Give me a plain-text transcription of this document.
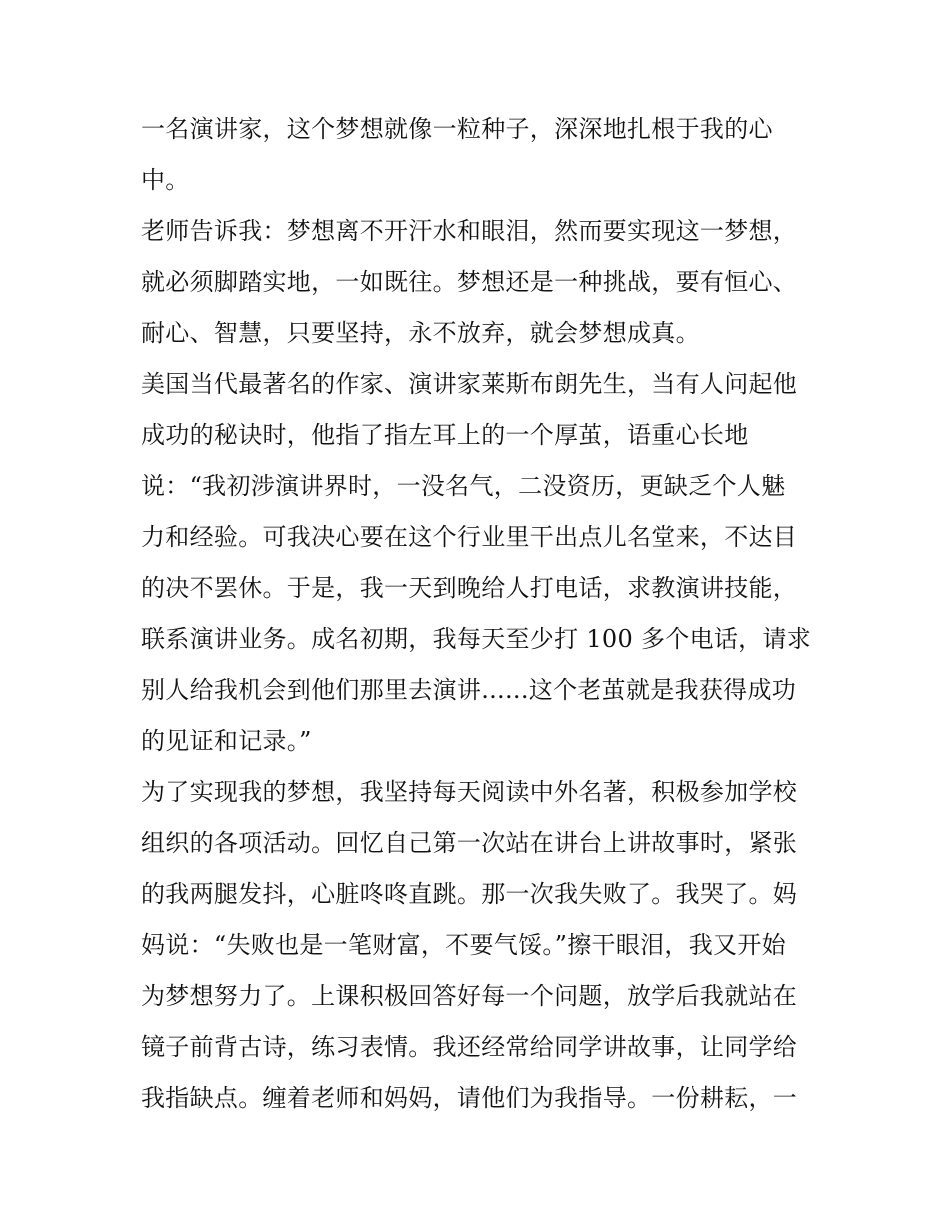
一名演讲家，这个梦想就像一粒种子，深深地扎根于我的心
中。
老师告诉我：梦想离不开汗水和眼泪，然而要实现这一梦想，
就必须脚踏实地，一如既往。梦想还是一种挑战，要有恒心、
耐心、智慧，只要坚持，永不放弃，就会梦想成真。
美国当代最著名的作家、演讲家莱斯布朗先生，当有人问起他
成功的秘诀时，他指了指左耳上的一个厚茧，语重心长地
说：“我初涉演讲界时，一没名气，二没资历，更缺乏个人魅
力和经验。可我决心要在这个行业里干出点儿名堂来，不达目
的决不罢休。于是，我一天到晚给人打电话，求教演讲技能，
联系演讲业务。成名初期，我每天至少打 100 多个电话，请求
别人给我机会到他们那里去演讲......这个老茧就是我获得成功
的见证和记录。”
为了实现我的梦想，我坚持每天阅读中外名著，积极参加学校
组织的各项活动。回忆自己第一次站在讲台上讲故事时，紧张
的我两腿发抖，心脏咚咚直跳。那一次我失败了。我哭了。妈
妈说：“失败也是一笔财富，不要气馁。”擦干眼泪，我又开始
为梦想努力了。上课积极回答好每一个问题，放学后我就站在
镜子前背古诗，练习表情。我还经常给同学讲故事，让同学给
我指缺点。缠着老师和妈妈，请他们为我指导。一份耕耘，一
